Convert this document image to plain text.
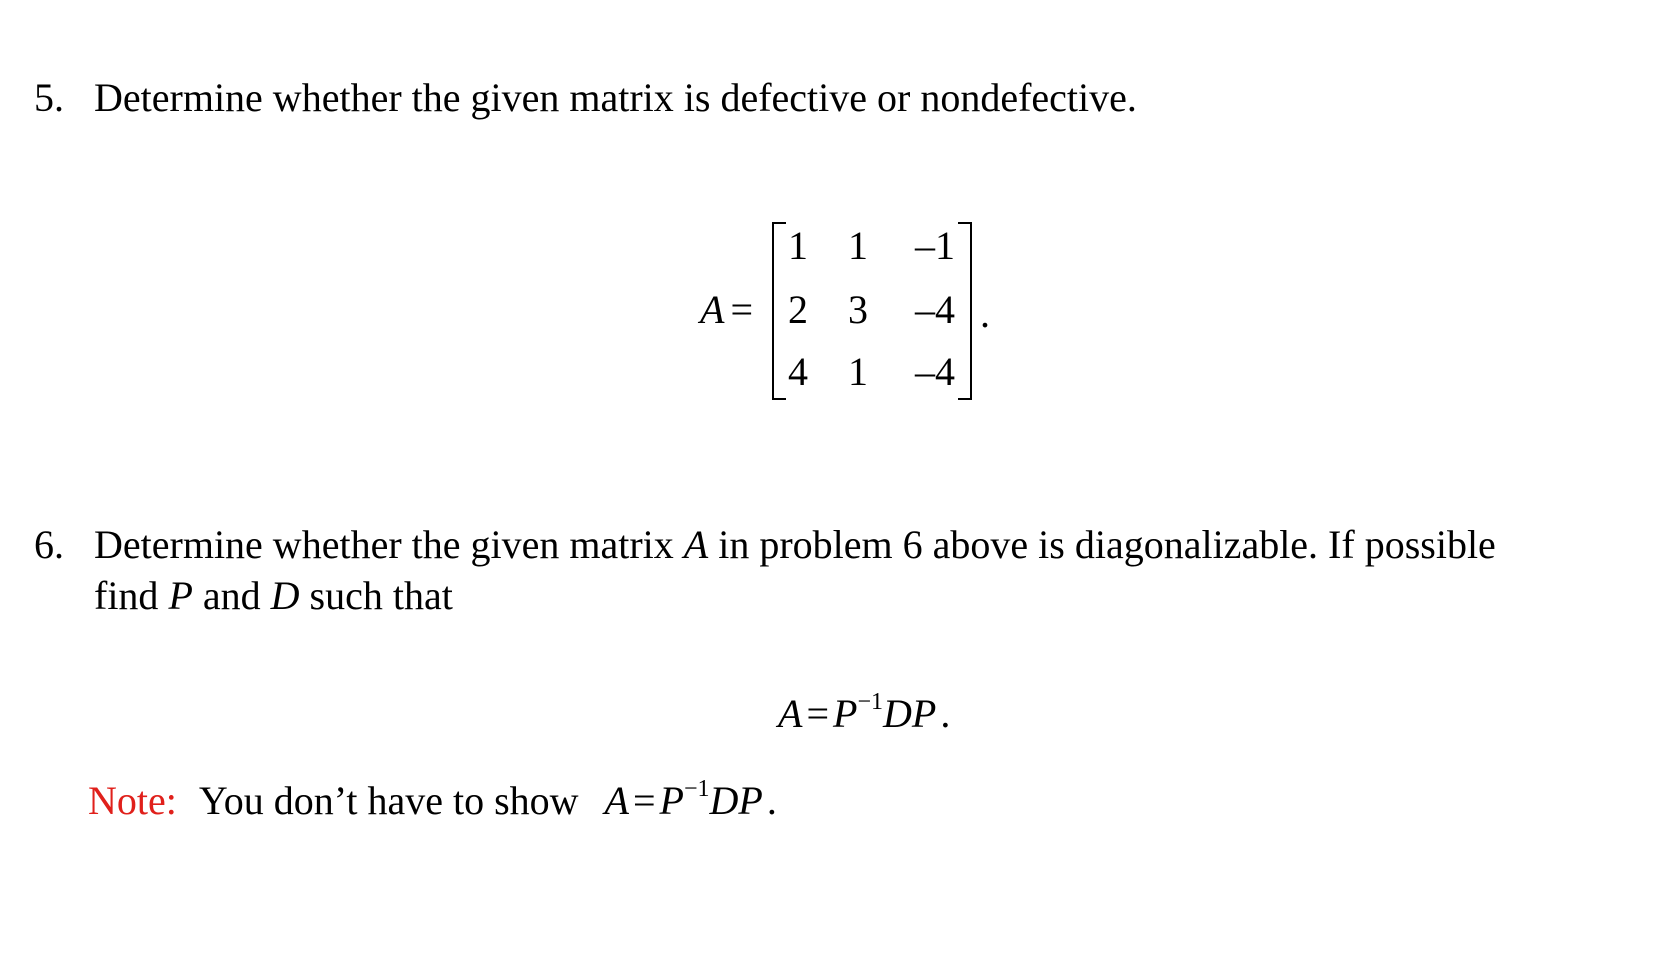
5. Determine whether the given matrix is defective or nondefective.
A =
1 1 –1
2 3 –4
4 1 –4
.
6. Determine whether the given matrix A in problem 6 above is diagonalizable. If possible
find P and D such that
$A = P^{-1}DP$ .
Note: You don’t have to show $A = P^{-1}DP$ .
